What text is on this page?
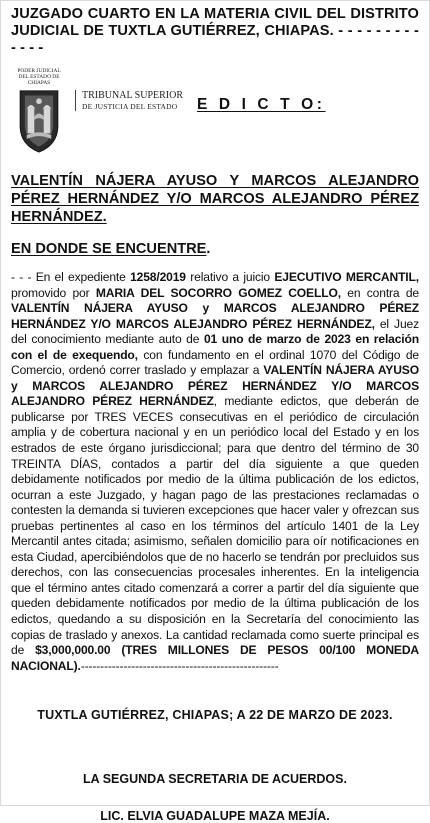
JUZGADO CUARTO EN LA MATERIA CIVIL DEL DISTRITO JUDICIAL DE TUXTLA GUTIÉRREZ, CHIAPAS. - - - - - - - - - - - - -
PODER JUDICIAL
DEL ESTADO DE CHIAPAS
TRIBUNAL SUPERIOR
DE JUSTICIA DEL ESTADO	E D I C T O:
VALENTÍN NÁJERA AYUSO Y MARCOS ALEJANDRO PÉREZ HERNÁNDEZ Y/O MARCOS ALEJANDRO PÉREZ HERNÁNDEZ.
EN DONDE SE ENCUENTRE.
- - - En el expediente 1258/2019 relativo a juicio EJECUTIVO MERCANTIL, promovido por MARIA DEL SOCORRO GOMEZ COELLO, en contra de VALENTÍN NÁJERA AYUSO y MARCOS ALEJANDRO PÉREZ HERNÁNDEZ Y/O MARCOS ALEJANDRO PÉREZ HERNÁNDEZ, el Juez del conocimiento mediante auto de 01 uno de marzo de 2023 en relación con el de exequendo, con fundamento en el ordinal 1070 del Código de Comercio, ordenó correr traslado y emplazar a VALENTÍN NÁJERA AYUSO y MARCOS ALEJANDRO PÉREZ HERNÁNDEZ Y/O MARCOS ALEJANDRO PÉREZ HERNÁNDEZ, mediante edictos, que deberán de publicarse por TRES VECES consecutivas en el periódico de circulación amplia y de cobertura nacional y en un periódico local del Estado y en los estrados de este órgano jurisdiccional; para que dentro del término de 30 TREINTA DÍAS, contados a partir del día siguiente a que queden debidamente notificados por medio de la última publicación de los edictos, ocurran a este Juzgado, y hagan pago de las prestaciones reclamadas o contesten la demanda si tuvieren excepciones que hacer valer y ofrezcan sus pruebas pertinentes al caso en los términos del artículo 1401 de la Ley Mercantil antes citada; asimismo, señalen domicilio para oír notificaciones en esta Ciudad, apercibiéndolos que de no hacerlo se tendrán por precluidos sus derechos, con las consecuencias procesales inherentes. En la inteligencia que el término antes citado comenzará a correr a partir del día siguiente que queden debidamente notificados por medio de la última publicación de los edictos, quedando a su disposición en la Secretaría del conocimiento las copias de traslado y anexos. La cantidad reclamada como suerte principal es de $3,000,000.00 (TRES MILLONES DE PESOS 00/100 MONEDA NACIONAL).---------------------------------------------------
TUXTLA GUTIÉRREZ, CHIAPAS; A 22 DE MARZO DE 2023.
LA SEGUNDA SECRETARIA DE ACUERDOS.
LIC. ELVIA GUADALUPE MAZA MEJÍA.
